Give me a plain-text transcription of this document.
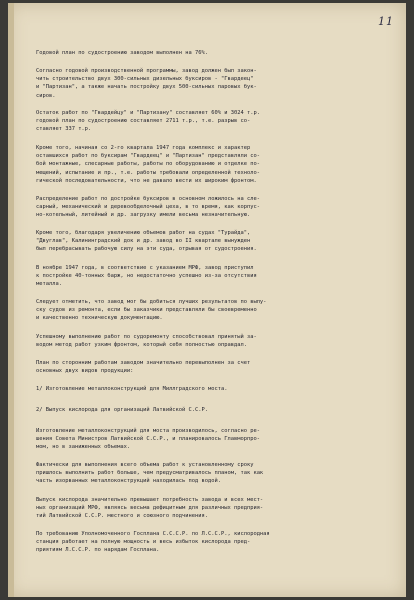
11
Годовой план по судостроению заводом выполнен на 76%.
Согласно годовой производственной программы, завод должен был закон-
чить строительство двух 300-сильных дизельных буксиров - "Гвардеец"
и "Партизан", а также начать постройку двух 500-сильных паровых бук-
сиров.
Остаток работ по "Гвардейцу" и "Партизану" составляет 60% и 3024 т.р.
годовой план по судостроению составляет 2711 т.р., т.е. разрыв со-
ставляет 337 т.р.
Кроме того, начиная со 2-го квартала 1947 года комплекс и характер
оставшихся работ по буксирам "Гвардеец" и "Партизан" представляли со-
бой монтажные, слесарные работы, работы по оборудованию и отделке по-
мещений, испытание и пр., т.е. работы требовали определенной техноло-
гической последовательности, что не давало вести их широким фронтом.
Распределение работ по достройке буксиров в основном ложилось на сле-
сарный, механический и деревообделочный цеха, в то время, как корпус-
но-котельный, литейный и др. загрузку имели весьма незначительную.
Кроме того, благодаря увеличению объемов работ на судах "Турайда",
"Двуглав", Калининградский док и др. завод во II квартале вынужден
был перебрасывать рабочую силу на эти суда, отрывая от судостроения.
В ноябре 1947 года, в соответствие с указанием МРФ, завод приступил
к постройке 40-тонных барж, но недостаточно успешно из-за отсутствия
металла.
Следует отметить, что завод мог бы добиться лучших результатов по выпу-
ску судов из ремонта, если бы заказчики представляли бы своевременно
и качественно техническую документацию.
Успешному выполнению работ по судоремонту способствовал принятый за-
водом метод работ узким фронтом, который себя полностью оправдал.
План по сторонним работам заводом значительно перевыполнен за счет
основных двух видов продукции:
1/ Изготовление металлоконструкций для Миллградского моста.
2/ Выпуск кислорода для организаций Латвийской С.С.Р.
Изготовление металлоконструкций для моста производилось, согласно ре-
шения Совета Министров Латвийской С.С.Р., и планировалось Главморпро-
мом, но в заниженных объемах.
Фактически для выполнения всего объема работ к установленному сроку
пришлось выполнить работ больше, чем предусматривалось планом, так как
часть изорванных металлоконструкций находилась под водой.
Выпуск кислорода значительно превышает потребность завода и всех мест-
ных организаций МРФ, являясь весьма дефицитным для различных предприя-
тий Латвийской С.С.Р. местного и союзного подчинения.
По требованию Уполномоченного Госплана С.С.С.Р. по Л.С.С.Р., кислородная
станция работает на полную мощность и весь избыток кислорода пред-
приятиям Л.С.С.Р. по нарядам Госплана.
